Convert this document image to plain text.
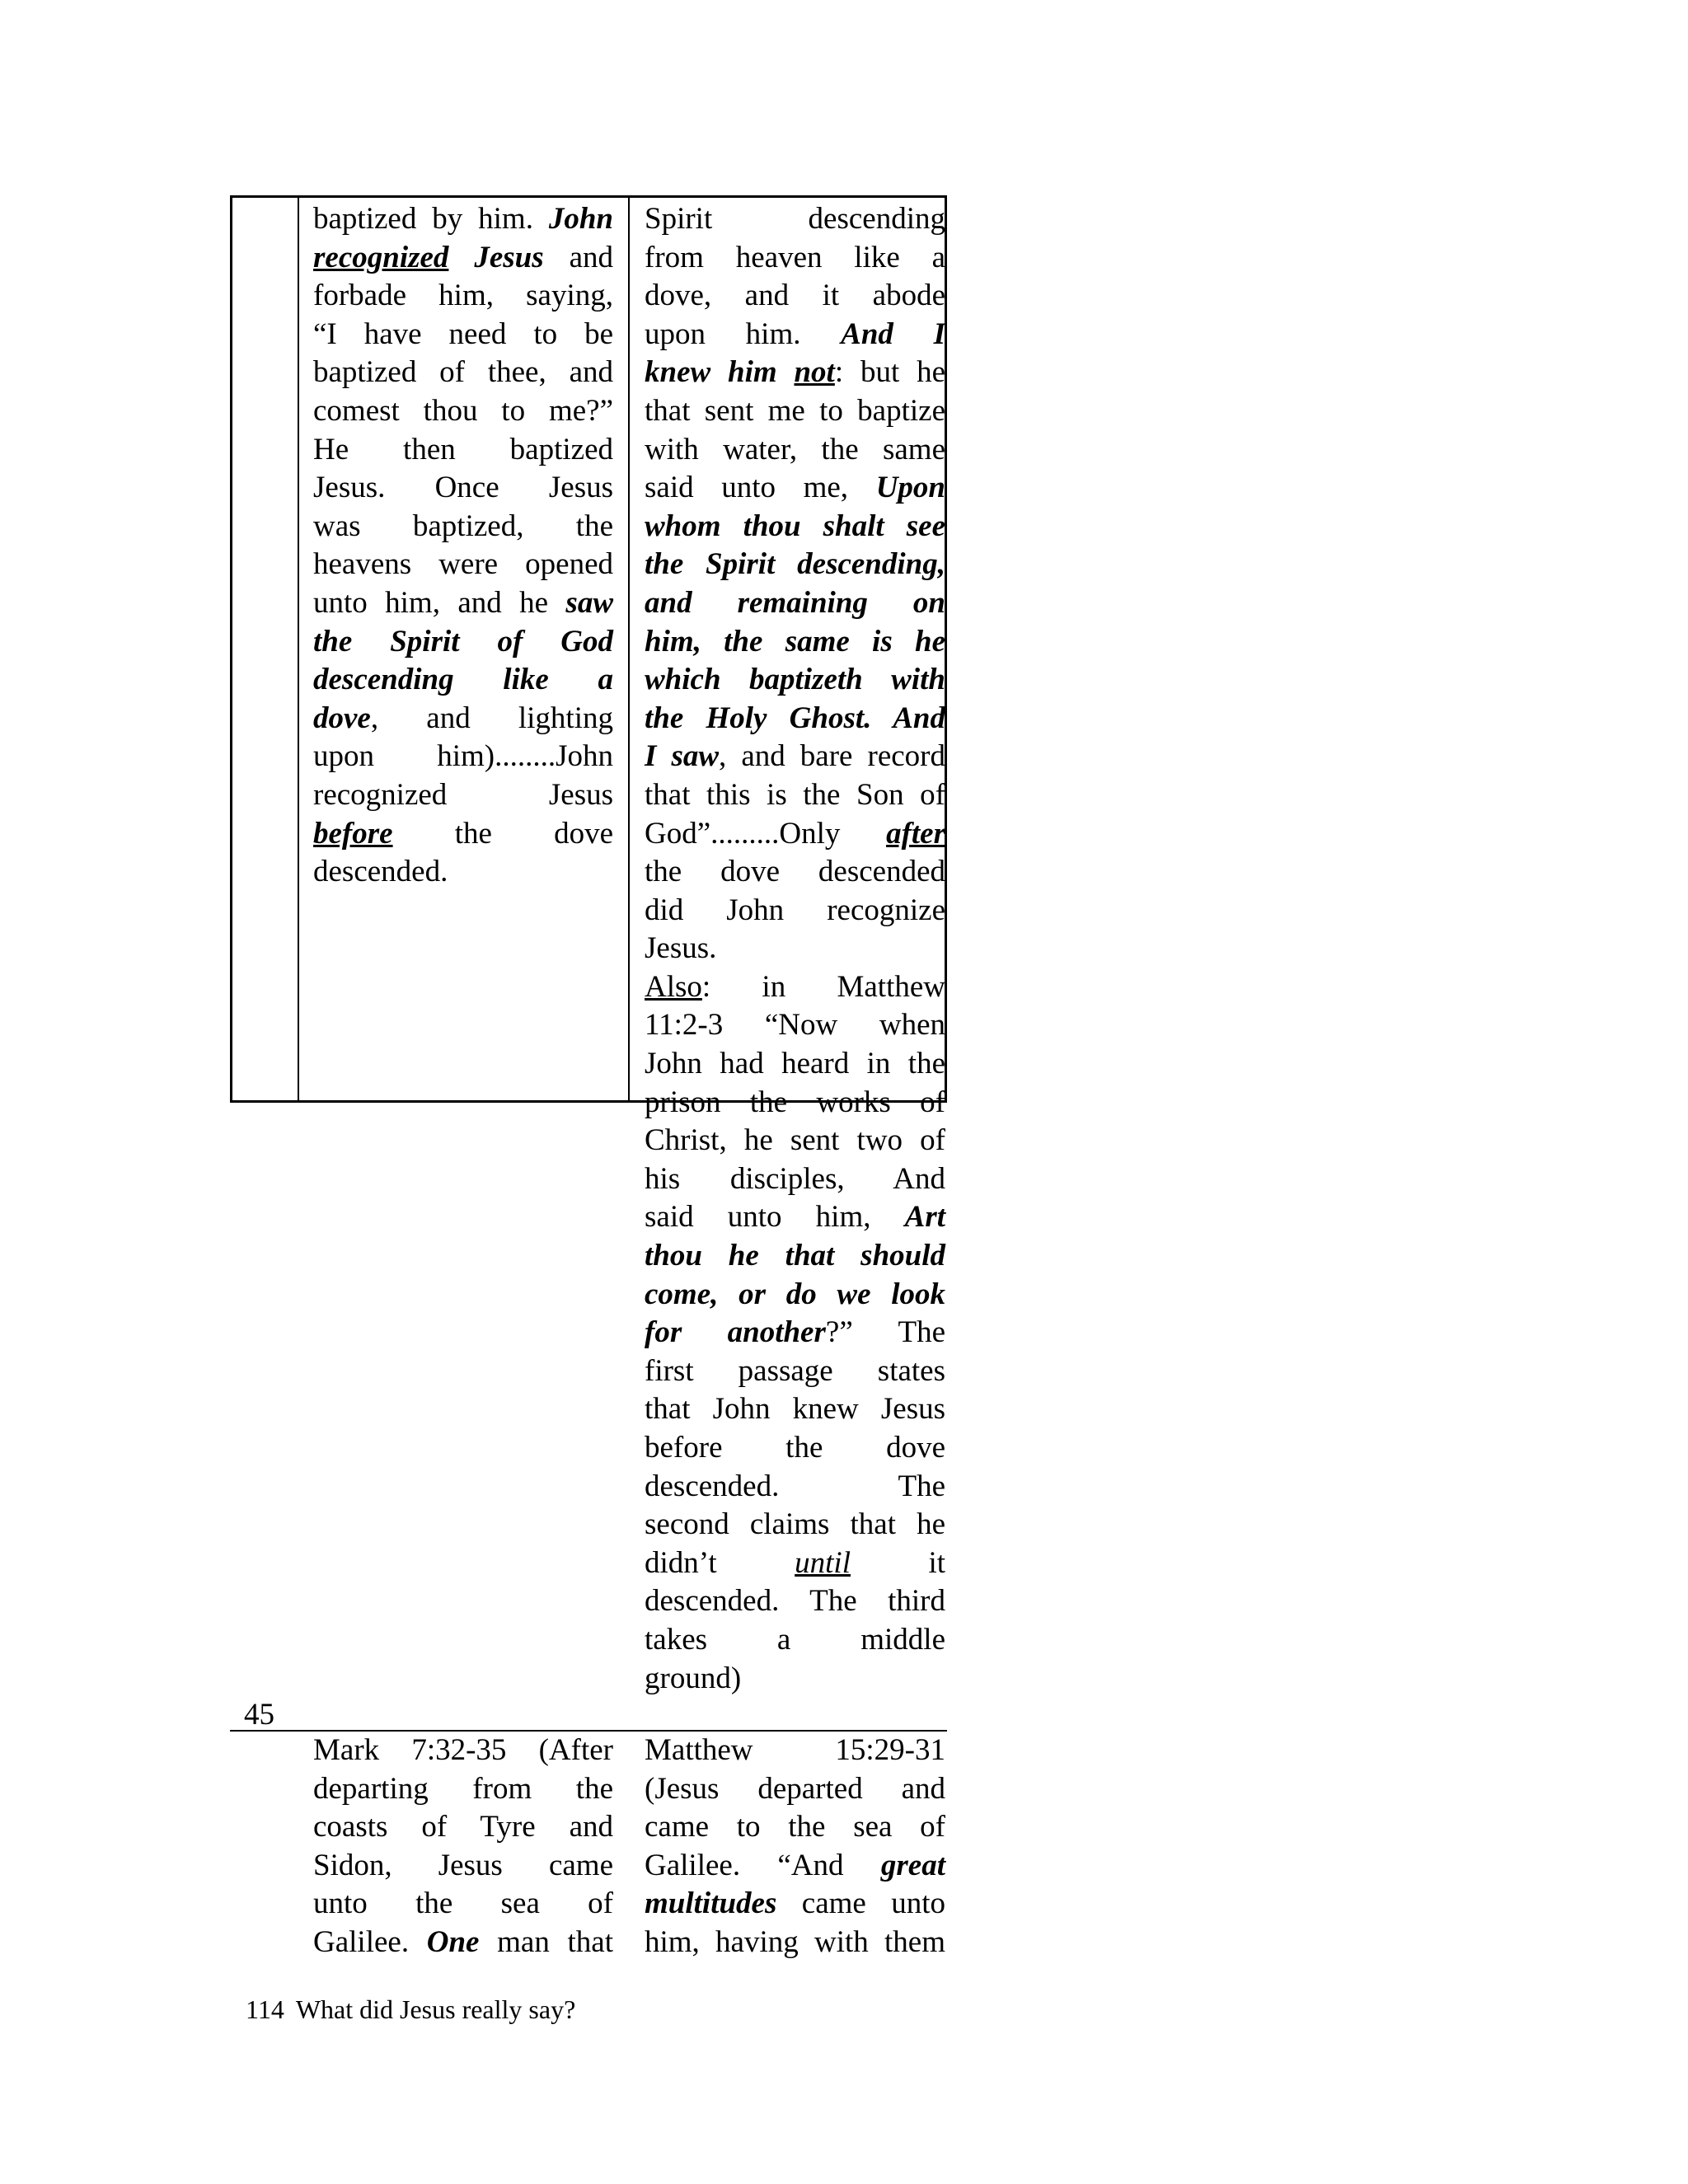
baptized by him. John
recognized Jesus and
forbade him, saying,
“I have need to be
baptized of thee, and
comest thou to me?”
He then baptized
Jesus. Once Jesus
was baptized, the
heavens were opened
unto him, and he saw
the Spirit of God
descending like a
dove, and lighting
upon him)........John
recognized Jesus
before the dove
descended.
Spirit descending
from heaven like a
dove, and it abode
upon him. And I
knew him not: but he
that sent me to baptize
with water, the same
said unto me, Upon
whom thou shalt see
the Spirit descending,
and remaining on
him, the same is he
which baptizeth with
the Holy Ghost. And
I saw, and bare record
that this is the Son of
God”.........Only after
the dove descended
did John recognize
Jesus.
Also: in Matthew
11:2-3 “Now when
John had heard in the
prison the works of
Christ, he sent two of
his disciples, And
said unto him, Art
thou he that should
come, or do we look
for another?” The
first passage states
that John knew Jesus
before the dove
descended. The
second claims that he
didn’t until it
descended. The third
takes a middle
ground)
45
Mark 7:32-35 (After
departing from the
coasts of Tyre and
Sidon, Jesus came
unto the sea of
Galilee. One man that
Matthew 15:29-31
(Jesus departed and
came to the sea of
Galilee. “And great
multitudes came unto
him, having with them
114 What did Jesus really say?
